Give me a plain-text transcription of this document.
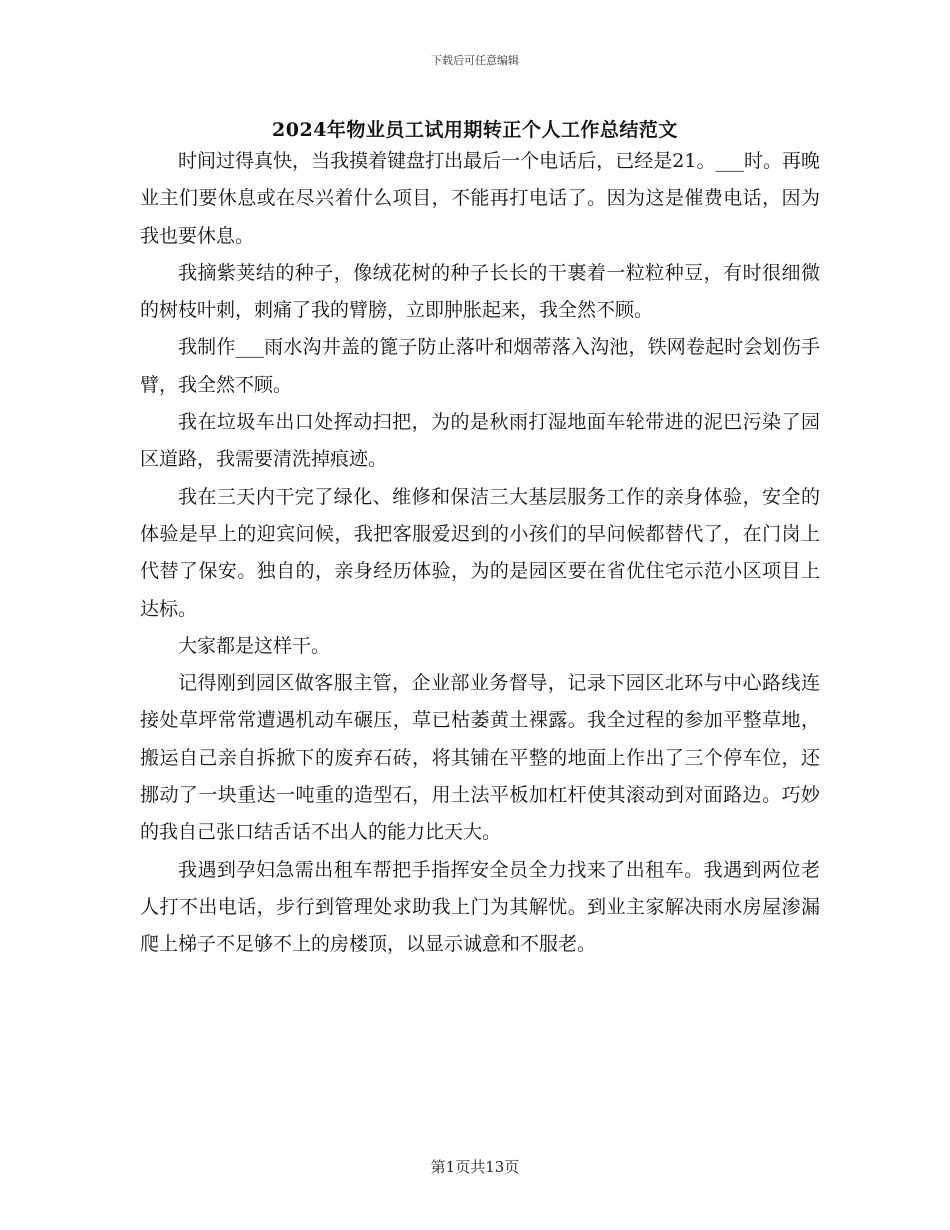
下载后可任意编辑
2024年物业员工试用期转正个人工作总结范文

时间过得真快，当我摸着键盘打出最后一个电话后，已经是21。___时。再晚业主们要休息或在尽兴着什么项目，不能再打电话了。因为这是催费电话，因为我也要休息。

我摘紫荚结的种子，像绒花树的种子长长的干裹着一粒粒种豆，有时很细微的树枝叶刺，刺痛了我的臂膀，立即肿胀起来，我全然不顾。

我制作___雨水沟井盖的篦子防止落叶和烟蒂落入沟池，铁网卷起时会划伤手臂，我全然不顾。

我在垃圾车出口处挥动扫把，为的是秋雨打湿地面车轮带进的泥巴污染了园区道路，我需要清洗掉痕迹。

我在三天内干完了绿化、维修和保洁三大基层服务工作的亲身体验，安全的体验是早上的迎宾问候，我把客服爱迟到的小孩们的早问候都替代了，在门岗上代替了保安。独自的，亲身经历体验，为的是园区要在省优住宅示范小区项目上达标。

大家都是这样干。

记得刚到园区做客服主管，企业部业务督导，记录下园区北环与中心路线连接处草坪常常遭遇机动车碾压，草已枯萎黄土裸露。我全过程的参加平整草地，搬运自己亲自拆掀下的废弃石砖，将其铺在平整的地面上作出了三个停车位，还挪动了一块重达一吨重的造型石，用土法平板加杠杆使其滚动到对面路边。巧妙的我自己张口结舌话不出人的能力比天大。

我遇到孕妇急需出租车帮把手指挥安全员全力找来了出租车。我遇到两位老人打不出电话，步行到管理处求助我上门为其解忧。到业主家解决雨水房屋渗漏爬上梯子不足够不上的房楼顶，以显示诚意和不服老。

第1页共13页
